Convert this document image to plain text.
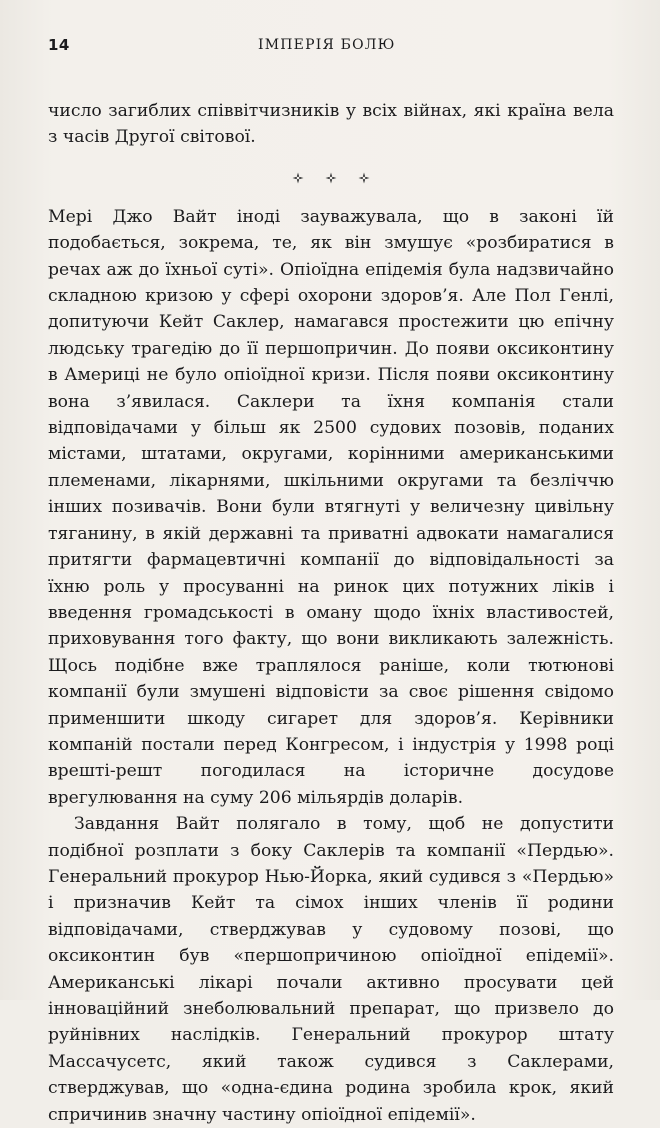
14	ІМПЕРІЯ БОЛЮ

число загиблих співвітчизників у всіх війнах, які країна вела з часів Другої світової.

Мері Джо Вайт іноді зауважувала, що в законі їй подобається, зокрема, те, як він змушує «розбиратися в речах аж до їхньої суті». Опіоїдна епідемія була надзвичайно складною кризою у сфері охорони здоров’я. Але Пол Генлі, допитуючи Кейт Саклер, намагався простежити цю епічну людську трагедію до її першопричин. До появи оксиконтину в Америці не було опіоїдної кризи. Після появи оксиконтину вона з’явилася. Саклери та їхня компанія стали відповідачами у більш як 2500 судових позовів, поданих містами, штатами, округами, корінними американськими племенами, лікарнями, шкільними округами та безліччю інших позивачів. Вони були втягнуті у величезну цивільну тяганину, в якій державні та приватні адвокати намагалися притягти фармацевтичні компанії до відповідальності за їхню роль у просуванні на ринок цих потужних ліків і введення громадськості в оману щодо їхніх властивостей, приховування того факту, що вони викликають залежність. Щось подібне вже траплялося раніше, коли тютюнові компанії були змушені відповісти за своє рішення свідомо применшити шкоду сигарет для здоров’я. Керівники компаній постали перед Конгресом, і індустрія у 1998 році врешті-решт погодилася на історичне досудове врегулювання на суму 206 мільярдів доларів.

Завдання Вайт полягало в тому, щоб не допустити подібної розплати з боку Саклерів та компанії «Пердью». Генеральний прокурор Нью-Йорка, який судився з «Пердью» і призначив Кейт та сімох інших членів її родини відповідачами, стверджував у судовому позові, що оксиконтин був «першопричиною опіоїдної епідемії». Американські лікарі почали активно просувати цей інноваційний знеболювальний препарат, що призвело до руйнівних наслідків. Генеральний прокурор штату Массачусетс, який також судився з Саклерами, стверджував, що «одна-єдина родина зробила крок, який спричинив значну частину опіоїдної епідемії».
